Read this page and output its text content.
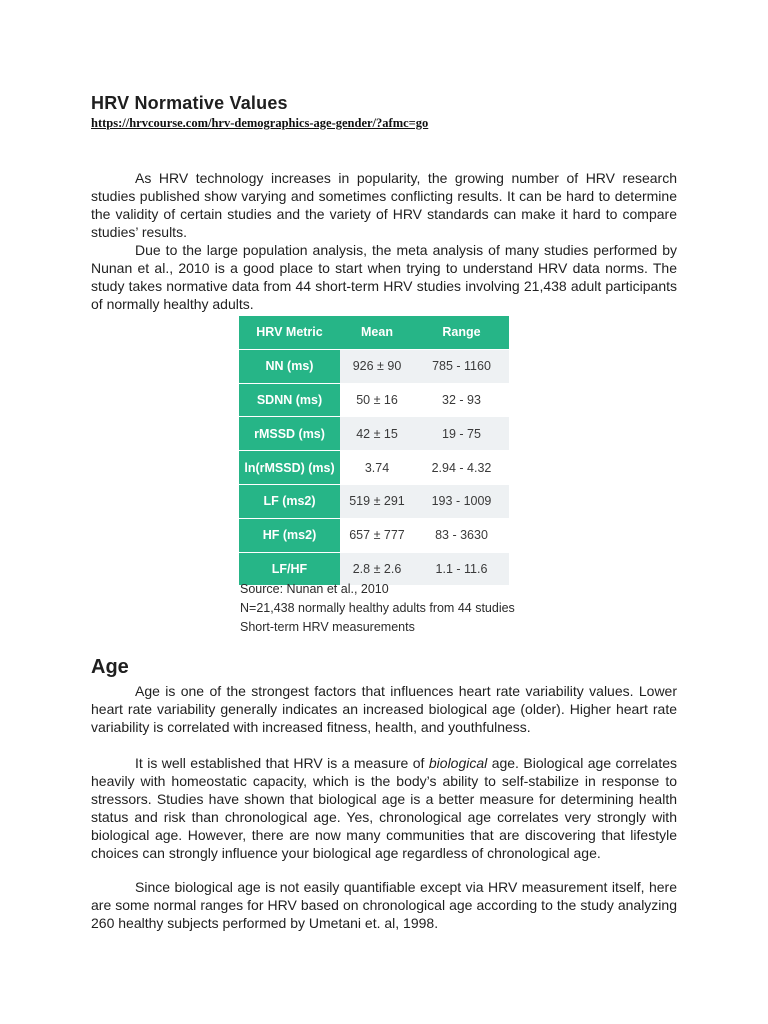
HRV Normative Values

https://hrvcourse.com/hrv-demographics-age-gender/?afmc=go

As HRV technology increases in popularity, the growing number of HRV research studies published show varying and sometimes conflicting results. It can be hard to determine the validity of certain studies and the variety of HRV standards can make it hard to compare studies’ results.

Due to the large population analysis, the meta analysis of many studies performed by Nunan et al., 2010 is a good place to start when trying to understand HRV data norms. The study takes normative data from 44 short-term HRV studies involving 21,438 adult participants of normally healthy adults.

HRV Metric	Mean	Range
NN (ms)	926 ± 90	785 - 1160
SDNN (ms)	50 ± 16	32 - 93
rMSSD (ms)	42 ± 15	19 - 75
ln(rMSSD) (ms)	3.74	2.94 - 4.32
LF (ms2)	519 ± 291	193 - 1009
HF (ms2)	657 ± 777	83 - 3630
LF/HF	2.8 ± 2.6	1.1 - 11.6
Source: Nunan et al., 2010
N=21,438 normally healthy adults from 44 studies
Short-term HRV measurements
Age

Age is one of the strongest factors that influences heart rate variability values. Lower heart rate variability generally indicates an increased biological age (older). Higher heart rate variability is correlated with increased fitness, health, and youthfulness.

It is well established that HRV is a measure of biological age. Biological age correlates heavily with homeostatic capacity, which is the body’s ability to self-stabilize in response to stressors. Studies have shown that biological age is a better measure for determining health status and risk than chronological age. Yes, chronological age correlates very strongly with biological age. However, there are now many communities that are discovering that lifestyle choices can strongly influence your biological age regardless of chronological age.

Since biological age is not easily quantifiable except via HRV measurement itself, here are some normal ranges for HRV based on chronological age according to the study analyzing 260 healthy subjects performed by Umetani et. al, 1998.
